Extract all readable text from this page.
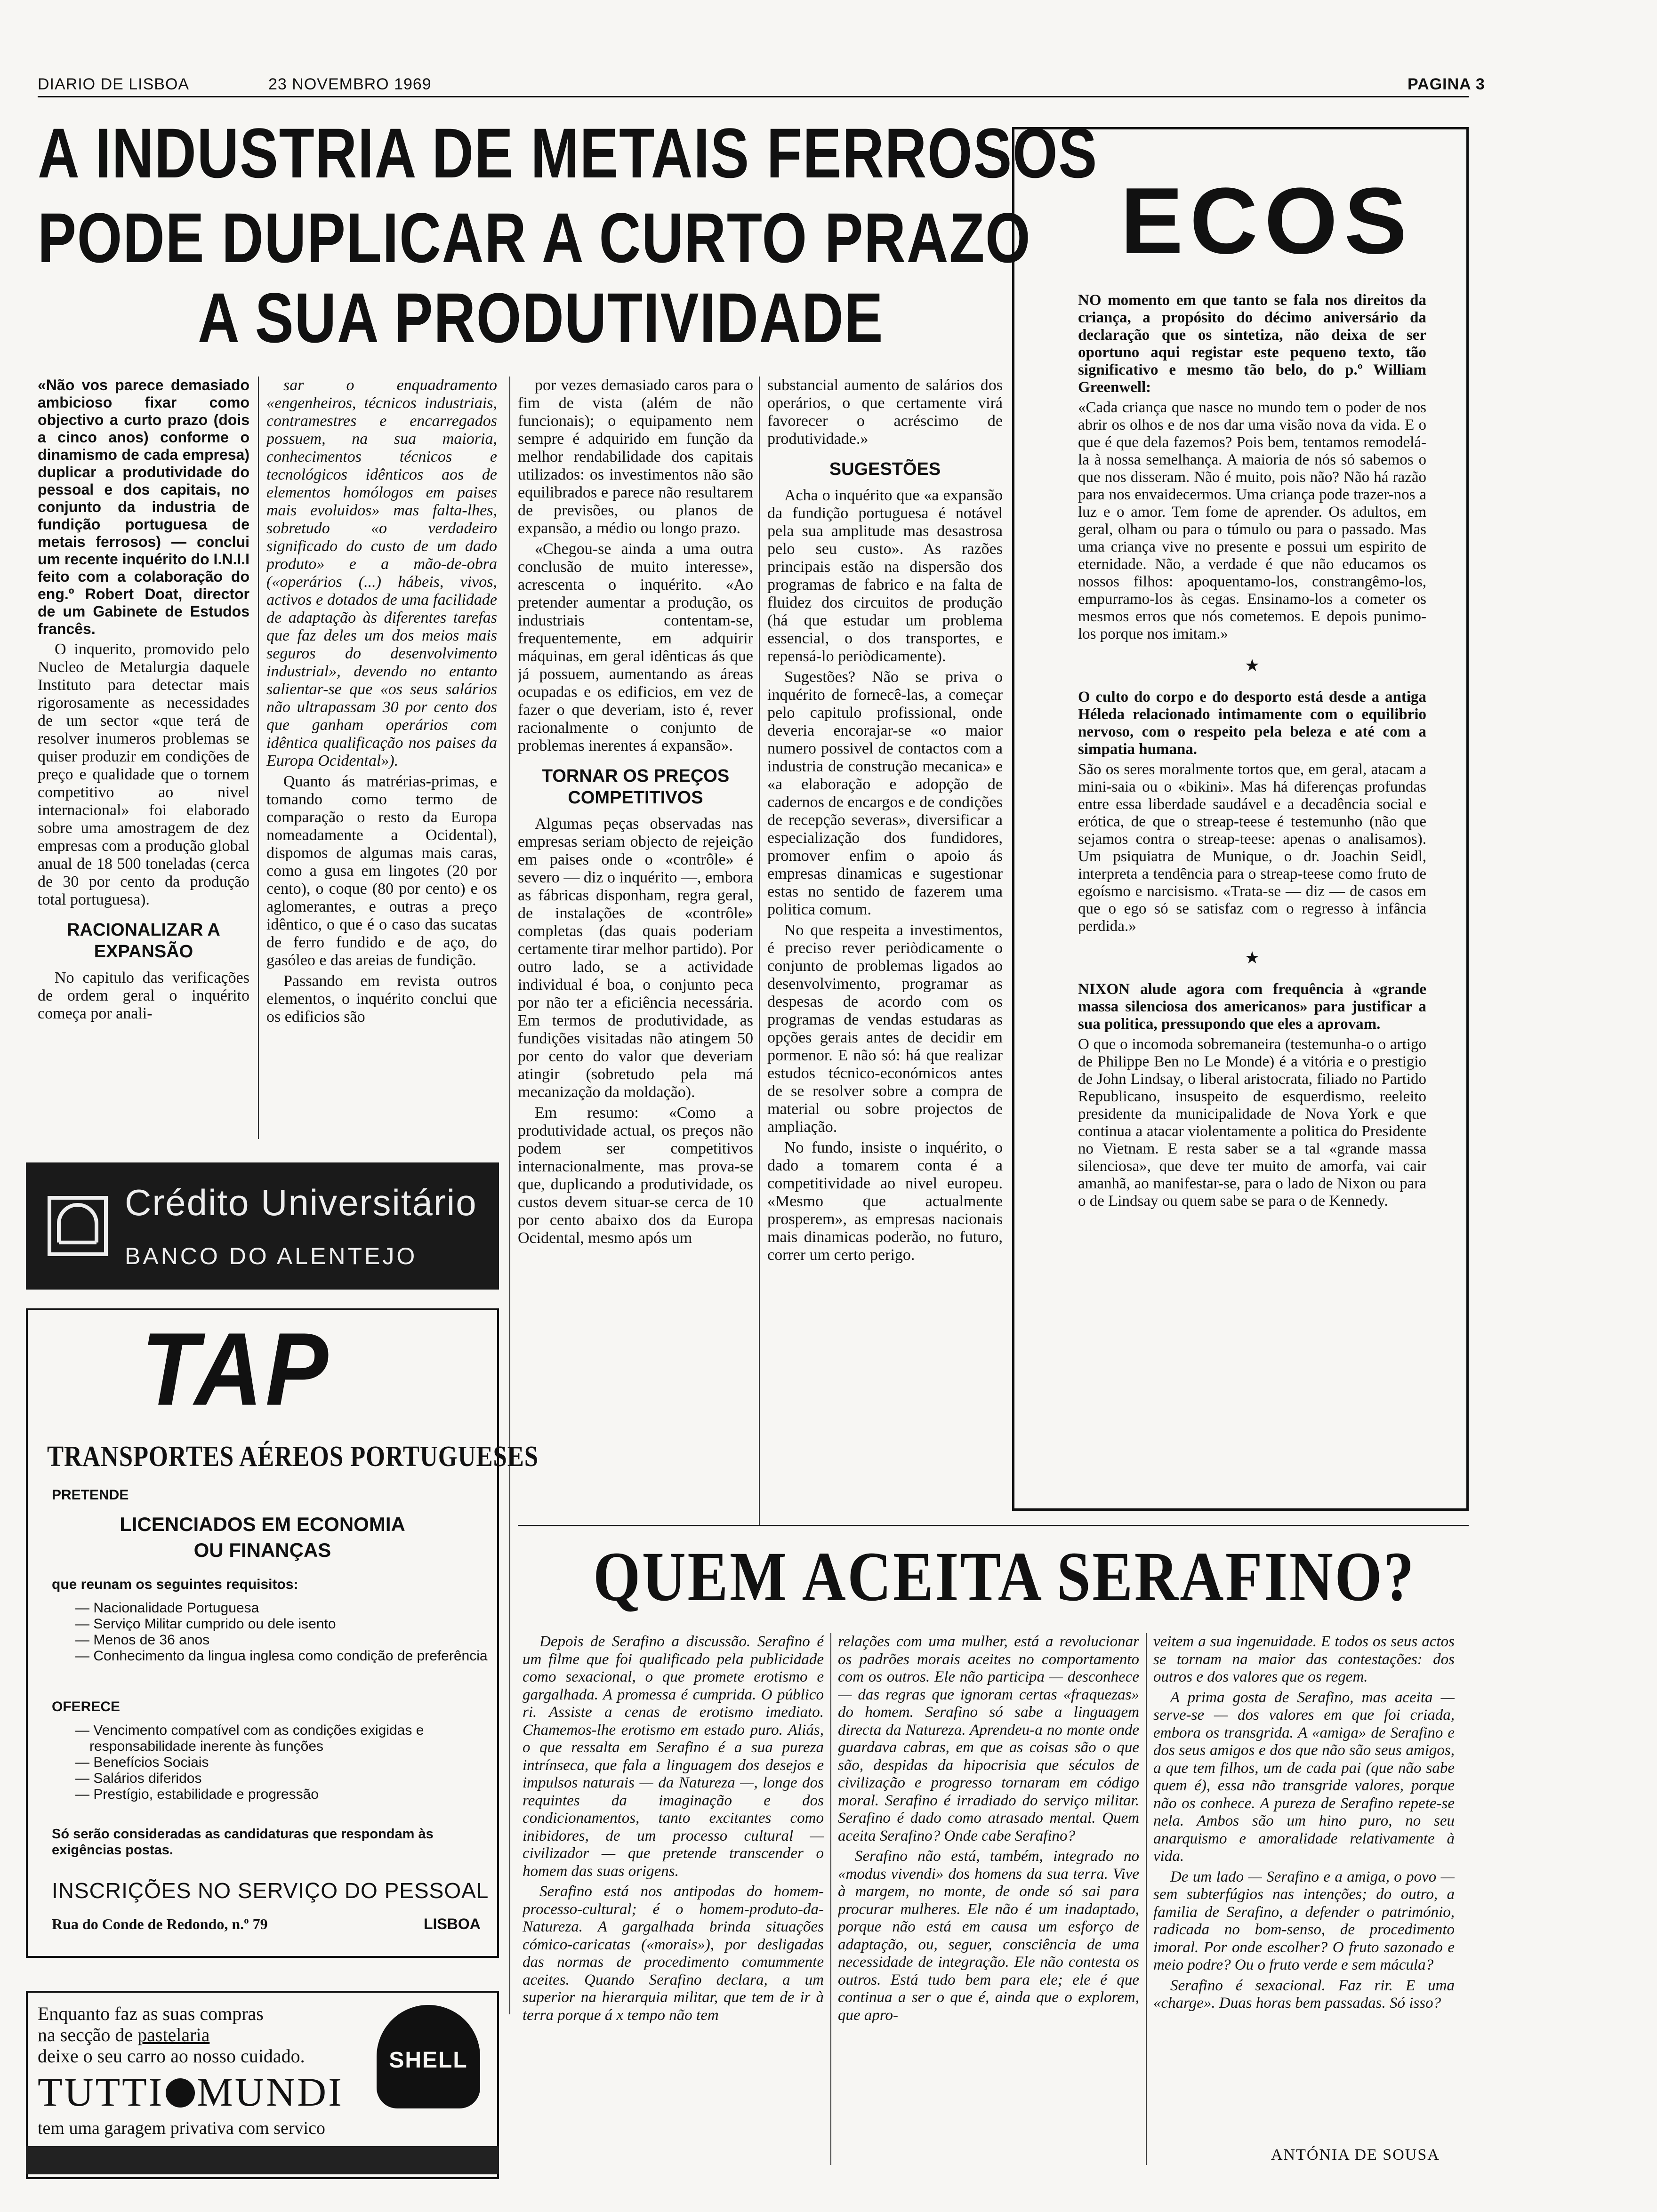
DIARIO DE LISBOA	23 NOVEMBRO 1969	PAGINA 3
A INDUSTRIA DE METAIS FERROSOS
PODE DUPLICAR A CURTO PRAZO
A SUA PRODUTIVIDADE

«Não vos parece demasiado ambicioso fixar como objectivo a curto prazo (dois a cinco anos) conforme o dinamismo de cada empresa) duplicar a produtividade do pessoal e dos capitais, no conjunto da industria de fundição portuguesa de metais ferrosos) — conclui um recente inquérito do I.N.I.I feito com a colaboração do eng.º Robert Doat, director de um Gabinete de Estudos francês.

O inquerito, promovido pelo Nucleo de Metalurgia daquele Instituto para detectar mais rigorosamente as necessidades de um sector «que terá de resolver inumeros problemas se quiser produzir em condições de preço e qualidade que o tornem competitivo ao nivel internacional» foi elaborado sobre uma amostragem de dez empresas com a produção global anual de 18 500 toneladas (cerca de 30 por cento da produção total portuguesa).

RACIONALIZAR A EXPANSÃO

No capitulo das verificações de ordem geral o inquérito começa por anali-

sar o enquadramento «engenheiros, técnicos industriais, contramestres e encarregados possuem, na sua maioria, conhecimentos técnicos e tecnológicos idênticos aos de elementos homólogos em paises mais evoluidos» mas falta-lhes, sobretudo «o verdadeiro significado do custo de um dado produto» e a mão-de-obra («operários (...) hábeis, vivos, activos e dotados de uma facilidade de adaptação às diferentes tarefas que faz deles um dos meios mais seguros do desenvolvimento industrial», devendo no entanto salientar-se que «os seus salários não ultrapassam 30 por cento dos que ganham operários com idêntica qualificação nos paises da Europa Ocidental»).

Quanto ás matrérias-primas, e tomando como termo de comparação o resto da Europa nomeadamente a Ocidental), dispomos de algumas mais caras, como a gusa em lingotes (20 por cento), o coque (80 por cento) e os aglomerantes, e outras a preço idêntico, o que é o caso das sucatas de ferro fundido e de aço, do gasóleo e das areias de fundição.

Passando em revista outros elementos, o inquérito conclui que os edificios são

por vezes demasiado caros para o fim de vista (além de não funcionais); o equipamento nem sempre é adquirido em função da melhor rendabilidade dos capitais utilizados: os investimentos não são equilibrados e parece não resultarem de previsões, ou planos de expansão, a médio ou longo prazo.

«Chegou-se ainda a uma outra conclusão de muito interesse», acrescenta o inquérito. «Ao pretender aumentar a produção, os industriais contentam-se, frequentemente, em adquirir máquinas, em geral idênticas ás que já possuem, aumentando as áreas ocupadas e os edificios, em vez de fazer o que deveriam, isto é, rever racionalmente o conjunto de problemas inerentes á expansão».

TORNAR OS PREÇOS COMPETITIVOS

Algumas peças observadas nas empresas seriam objecto de rejeição em paises onde o «contrôle» é severo — diz o inquérito —, embora as fábricas disponham, regra geral, de instalações de «contrôle» completas (das quais poderiam certamente tirar melhor partido). Por outro lado, se a actividade individual é boa, o conjunto peca por não ter a eficiência necessária. Em termos de produtividade, as fundições visitadas não atingem 50 por cento do valor que deveriam atingir (sobretudo pela má mecanização da moldação).

Em resumo: «Como a produtividade actual, os preços não podem ser competitivos internacionalmente, mas prova-se que, duplicando a produtividade, os custos devem situar-se cerca de 10 por cento abaixo dos da Europa Ocidental, mesmo após um

substancial aumento de salários dos operários, o que certamente virá favorecer o acréscimo de produtividade.»

SUGESTÕES

Acha o inquérito que «a expansão da fundição portuguesa é notável pela sua amplitude mas desastrosa pelo seu custo». As razões principais estão na dispersão dos programas de fabrico e na falta de fluidez dos circuitos de produção (há que estudar um problema essencial, o dos transportes, e repensá-lo periòdicamente).

Sugestões? Não se priva o inquérito de fornecê-las, a começar pelo capitulo profissional, onde deveria encorajar-se «o maior numero possivel de contactos com a industria de construção mecanica» e «a elaboração e adopção de cadernos de encargos e de condições de recepção severas», diversificar a especialização dos fundidores, promover enfim o apoio ás empresas dinamicas e sugestionar estas no sentido de fazerem uma politica comum.

No que respeita a investimentos, é preciso rever periòdicamente o conjunto de problemas ligados ao desenvolvimento, programar as despesas de acordo com os programas de vendas estudaras as opções gerais antes de decidir em pormenor. E não só: há que realizar estudos técnico-económicos antes de se resolver sobre a compra de material ou sobre projectos de ampliação.

No fundo, insiste o inquérito, o dado a tomarem conta é a competitividade ao nivel europeu. «Mesmo que actualmente prosperem», as empresas nacionais mais dinamicas poderão, no futuro, correr um certo perigo.

ECOS

NO momento em que tanto se fala nos direitos da criança, a propósito do décimo aniversário da declaração que os sintetiza, não deixa de ser oportuno aqui registar este pequeno texto, tão significativo e mesmo tão belo, do p.º William Greenwell:

«Cada criança que nasce no mundo tem o poder de nos abrir os olhos e de nos dar uma visão nova da vida. E o que é que dela fazemos? Pois bem, tentamos remodelá-la à nossa semelhança. A maioria de nós só sabemos o que nos disseram. Não é muito, pois não? Não há razão para nos envaidecermos. Uma criança pode trazer-nos a luz e o amor. Tem fome de aprender. Os adultos, em geral, olham ou para o túmulo ou para o passado. Mas uma criança vive no presente e possui um espirito de eternidade. Não, a verdade é que não educamos os nossos filhos: apoquentamo-los, constrangêmo-los, empurramo-los às cegas. Ensinamo-los a cometer os mesmos erros que nós cometemos. E depois punimo-los porque nos imitam.»

★

O culto do corpo e do desporto está desde a antiga Héleda relacionado intimamente com o equilibrio nervoso, com o respeito pela beleza e até com a simpatia humana.

São os seres moralmente tortos que, em geral, atacam a mini-saia ou o «bikini». Mas há diferenças profundas entre essa liberdade saudável e a decadência social e erótica, de que o streap-teese é testemunho (não que sejamos contra o streap-teese: apenas o analisamos). Um psiquiatra de Munique, o dr. Joachin Seidl, interpreta a tendência para o streap-teese como fruto de egoísmo e narcisismo. «Trata-se — diz — de casos em que o ego só se satisfaz com o regresso à infância perdida.»

★

NIXON alude agora com frequência à «grande massa silenciosa dos americanos» para justificar a sua politica, pressupondo que eles a aprovam.

O que o incomoda sobremaneira (testemunha-o o artigo de Philippe Ben no Le Monde) é a vitória e o prestigio de John Lindsay, o liberal aristocrata, filiado no Partido Republicano, insuspeito de esquerdismo, reeleito presidente da municipalidade de Nova York e que continua a atacar violentamente a politica do Presidente no Vietnam. E resta saber se a tal «grande massa silenciosa», que deve ter muito de amorfa, vai cair amanhã, ao manifestar-se, para o lado de Nixon ou para o de Lindsay ou quem sabe se para o de Kennedy.

Crédito Universitário
BANCO DO ALENTEJO
TAP
TRANSPORTES AÉREOS PORTUGUESES
PRETENDE
LICENCIADOS EM ECONOMIA
OU FINANÇAS
que reunam os seguintes requisitos:
— Nacionalidade Portuguesa
— Serviço Militar cumprido ou dele isento
— Menos de 36 anos
— Conhecimento da lingua inglesa como condição de preferência
OFERECE
— Vencimento compatível com as condições exigidas e responsabilidade inerente às funções
— Benefícios Sociais
— Salários diferidos
— Prestígio, estabilidade e progressão
Só serão consideradas as candidaturas que respondam às exigências postas.
INSCRIÇÕES NO SERVIÇO DO PESSOAL
Rua do Conde de Redondo, n.º 79	LISBOA
Enquanto faz as suas compras
na secção de pastelaria
deixe o seu carro ao nosso cuidado.
TUTTI MUNDI
tem uma garagem privativa com servico
SHELL
QUEM ACEITA SERAFINO?

Depois de Serafino a discussão. Serafino é um filme que foi qualificado pela publicidade como sexacional, o que promete erotismo e gargalhada. A promessa é cumprida. O público ri. Assiste a cenas de erotismo imediato. Chamemos-lhe erotismo em estado puro. Aliás, o que ressalta em Serafino é a sua pureza intrínseca, que fala a linguagem dos desejos e impulsos naturais — da Natureza —, longe dos requintes da imaginação e dos condicionamentos, tanto excitantes como inibidores, de um processo cultural — civilizador — que pretende transcender o homem das suas origens.

Serafino está nos antipodas do homem-processo-cultural; é o homem-produto-da-Natureza. A gargalhada brinda situações cómico-caricatas («morais»), por desligadas das normas de procedimento comummente aceites. Quando Serafino declara, a um superior na hierarquia militar, que tem de ir à terra porque á x tempo não tem

relações com uma mulher, está a revolucionar os padrões morais aceites no comportamento com os outros. Ele não participa — desconhece — das regras que ignoram certas «fraquezas» do homem. Serafino só sabe a linguagem directa da Natureza. Aprendeu-a no monte onde guardava cabras, em que as coisas são o que são, despidas da hipocrisia que séculos de civilização e progresso tornaram em código moral. Serafino é irradiado do serviço militar. Serafino é dado como atrasado mental. Quem aceita Serafino? Onde cabe Serafino?

Serafino não está, também, integrado no «modus vivendi» dos homens da sua terra. Vive à margem, no monte, de onde só sai para procurar mulheres. Ele não é um inadaptado, porque não está em causa um esforço de adaptação, ou, seguer, consciência de uma necessidade de integração. Ele não contesta os outros. Está tudo bem para ele; ele é que continua a ser o que é, ainda que o explorem, que apro-

veitem a sua ingenuidade. E todos os seus actos se tornam na maior das contestações: dos outros e dos valores que os regem.

A prima gosta de Serafino, mas aceita — serve-se — dos valores em que foi criada, embora os transgrida. A «amiga» de Serafino e dos seus amigos e dos que não são seus amigos, a que tem filhos, um de cada pai (que não sabe quem é), essa não transgride valores, porque não os conhece. A pureza de Serafino repete-se nela. Ambos são um hino puro, no seu anarquismo e amoralidade relativamente à vida.

De um lado — Serafino e a amiga, o povo — sem subterfúgios nas intenções; do outro, a familia de Serafino, a defender o património, radicada no bom-senso, de procedimento imoral. Por onde escolher? O fruto sazonado e meio podre? Ou o fruto verde e sem mácula?

Serafino é sexacional. Faz rir. E uma «charge». Duas horas bem passadas. Só isso?

ANTÓNIA DE SOUSA
